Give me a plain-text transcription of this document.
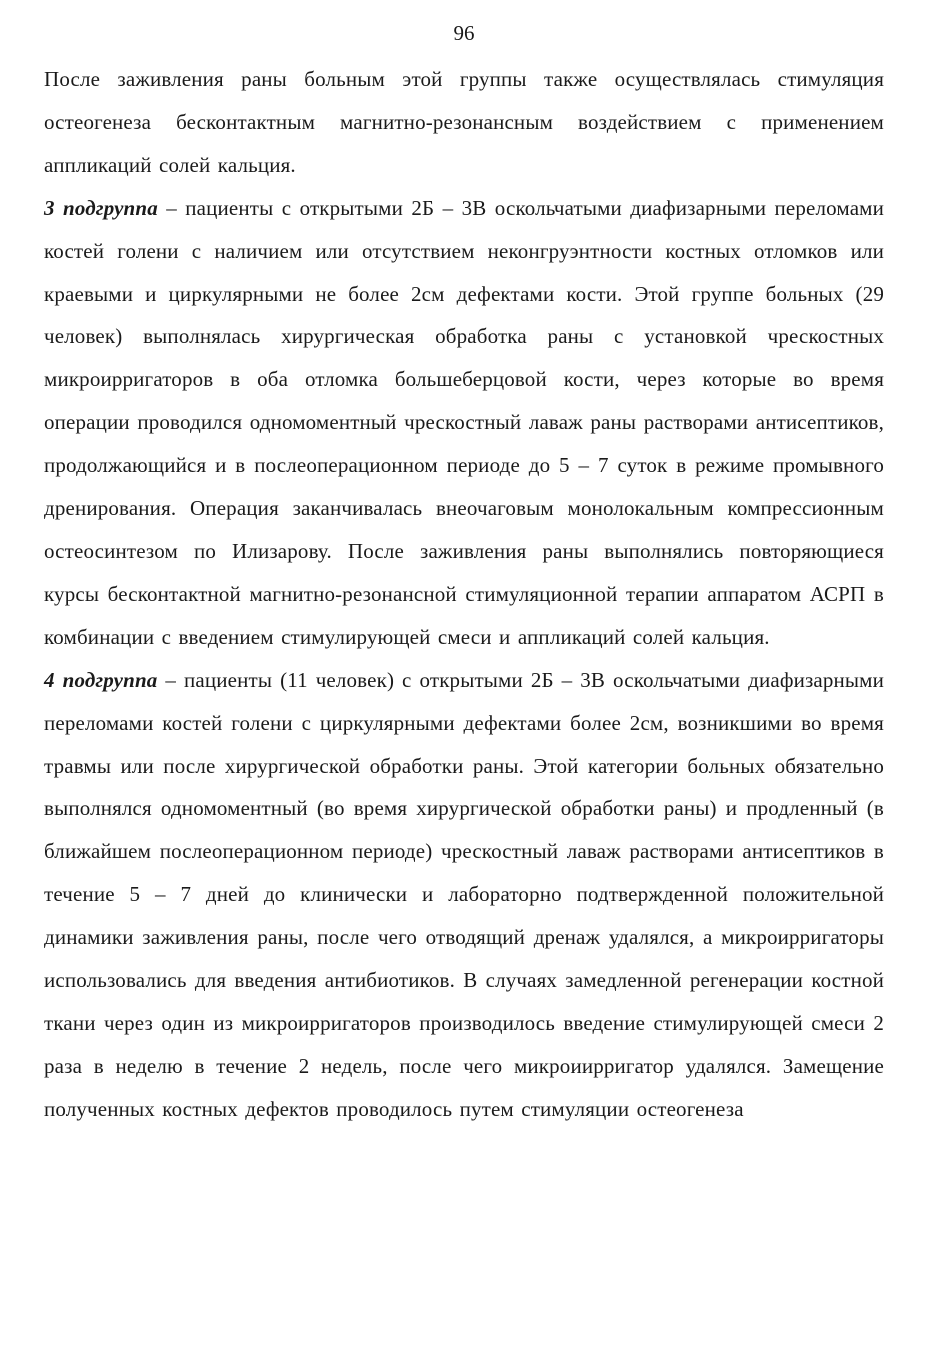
96

После заживления раны больным этой группы также осуществлялась стимуляция остеогенеза бесконтактным магнитно-резонансным воздействием с применением аппликаций солей кальция.

3 подгруппа – пациенты с открытыми 2Б – 3В оскольчатыми диафизарными переломами костей голени с наличием или отсутствием неконгруэнтности костных отломков или краевыми и циркулярными не более 2см дефектами кости. Этой группе больных (29 человек) выполнялась хирургическая обработка раны с установкой чрескостных микроирригаторов в оба отломка большеберцовой кости, через которые во время операции проводился одномоментный чрескостный лаваж раны растворами антисептиков, продолжающийся и в послеоперационном периоде до 5 – 7 суток в режиме промывного дренирования. Операция заканчивалась внеочаговым монолокальным компрессионным остеосинтезом по Илизарову. После заживления раны выполнялись повторяющиеся курсы бесконтактной магнитно-резонансной стимуляционной терапии аппаратом АСРП в комбинации с введением стимулирующей смеси и аппликаций солей кальция.

4 подгруппа – пациенты (11 человек) с открытыми 2Б – 3В оскольчатыми диафизарными переломами костей голени с циркулярными дефектами более 2см, возникшими во время травмы или после хирургической обработки раны. Этой категории больных обязательно выполнялся одномоментный (во время хирургической обработки раны) и продленный (в ближайшем послеоперационном периоде) чрескостный лаваж растворами антисептиков в течение 5 – 7 дней до клинически и лабораторно подтвержденной положительной динамики заживления раны, после чего отводящий дренаж удалялся, а микроирригаторы использовались для введения антибиотиков. В случаях замедленной регенерации костной ткани через один из микроирригаторов производилось введение стимулирующей смеси 2 раза в неделю в течение 2 недель, после чего микроиирригатор удалялся. Замещение полученных костных дефектов проводилось путем стимуляции остеогенеза
